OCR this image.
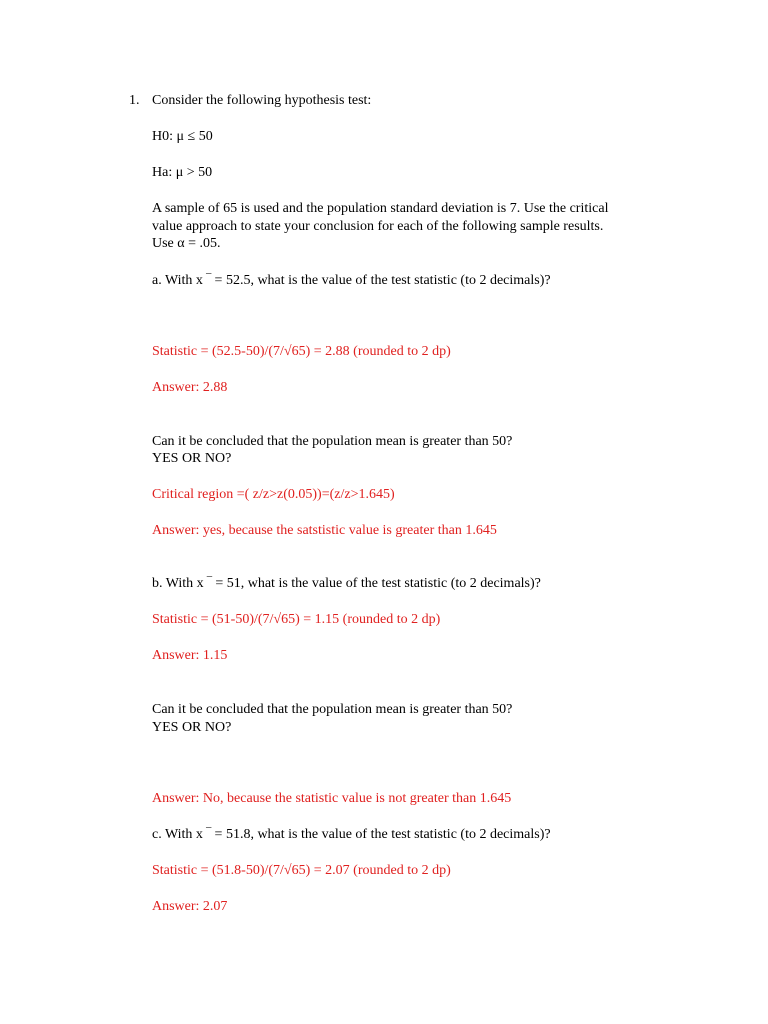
1. Consider the following hypothesis test:
H0: μ ≤ 50
Ha: μ > 50
A sample of 65 is used and the population standard deviation is 7. Use the critical
value approach to state your conclusion for each of the following sample results.
Use α = .05.
a. With x ‾ = 52.5, what is the value of the test statistic (to 2 decimals)?
Statistic = (52.5-50)/(7/√65) = 2.88 (rounded to 2 dp)
Answer: 2.88
Can it be concluded that the population mean is greater than 50?
YES OR NO?
Critical region =( z/z>z(0.05))=(z/z>1.645)
Answer: yes, because the satstistic value is greater than 1.645
b. With x ‾ = 51, what is the value of the test statistic (to 2 decimals)?
Statistic = (51-50)/(7/√65) = 1.15 (rounded to 2 dp)
Answer: 1.15
Can it be concluded that the population mean is greater than 50?
YES OR NO?
Answer: No, because the statistic value is not greater than 1.645
c. With x ‾ = 51.8, what is the value of the test statistic (to 2 decimals)?
Statistic = (51.8-50)/(7/√65) = 2.07 (rounded to 2 dp)
Answer: 2.07
